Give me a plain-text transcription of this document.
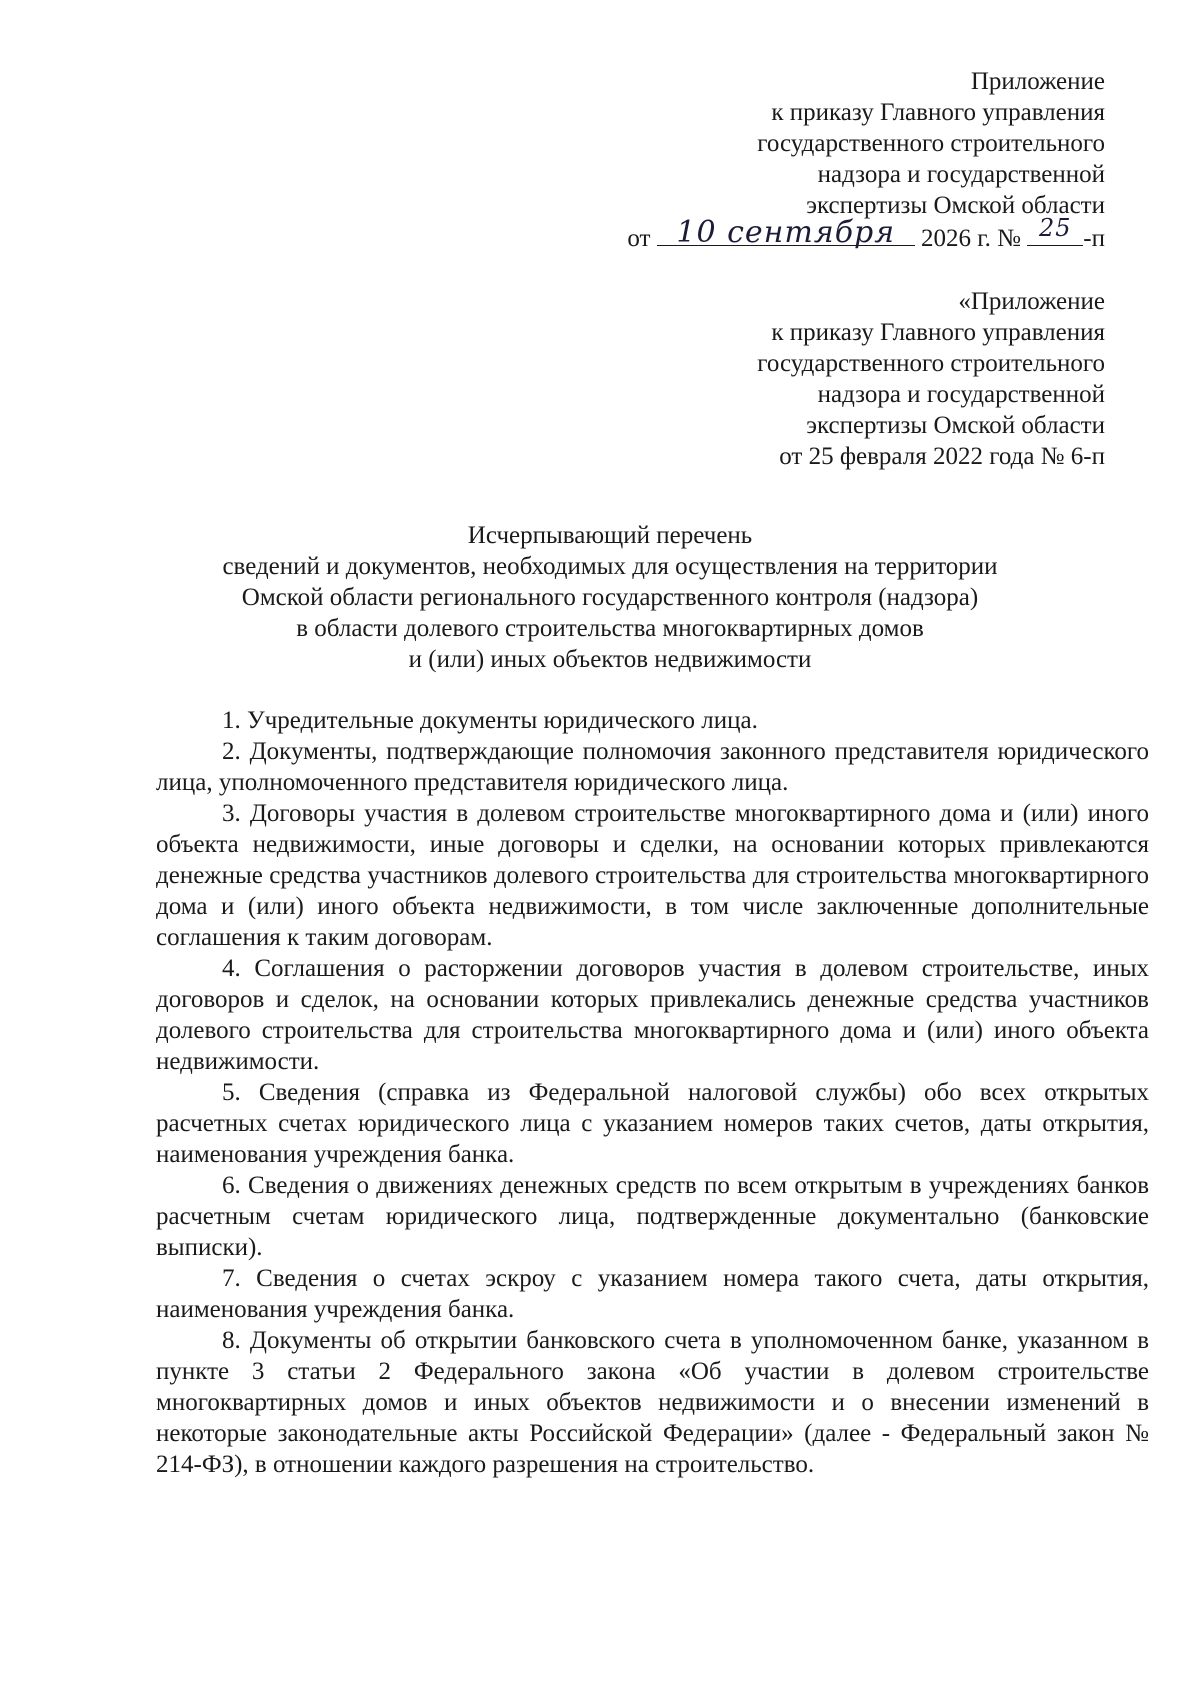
Приложение
к приказу Главного управления
государственного строительного
надзора и государственной
экспертизы Омской области
от 10 сентября	2026 г. № 25 -п
«Приложение
к приказу Главного управления
государственного строительного
надзора и государственной
экспертизы Омской области
от 25 февраля 2022 года № 6-п
Исчерпывающий перечень
сведений и документов, необходимых для осуществления на территории
Омской области регионального государственного контроля (надзора)
в области долевого строительства многоквартирных домов
и (или) иных объектов недвижимости

1. Учредительные документы юридического лица.

2. Документы, подтверждающие полномочия законного представителя юридического лица, уполномоченного представителя юридического лица.

3. Договоры участия в долевом строительстве многоквартирного дома и (или) иного объекта недвижимости, иные договоры и сделки, на основании которых привлекаются денежные средства участников долевого строительства для строительства многоквартирного дома и (или) иного объекта недвижимости, в том числе заключенные дополнительные соглашения к таким договорам.

4. Соглашения о расторжении договоров участия в долевом строительстве, иных договоров и сделок, на основании которых привлекались денежные средства участников долевого строительства для строительства многоквартирного дома и (или) иного объекта недвижимости.

5. Сведения (справка из Федеральной налоговой службы) обо всех открытых расчетных счетах юридического лица с указанием номеров таких счетов, даты открытия, наименования учреждения банка.

6. Сведения о движениях денежных средств по всем открытым в учреждениях банков расчетным счетам юридического лица, подтвержденные документально (банковские выписки).

7. Сведения о счетах эскроу с указанием номера такого счета, даты открытия, наименования учреждения банка.

8. Документы об открытии банковского счета в уполномоченном банке, указанном в пункте 3 статьи 2 Федерального закона «Об участии в долевом строительстве многоквартирных домов и иных объектов недвижимости и о внесении изменений в некоторые законодательные акты Российской Федерации» (далее - Федеральный закон № 214-ФЗ), в отношении каждого разрешения на строительство.
